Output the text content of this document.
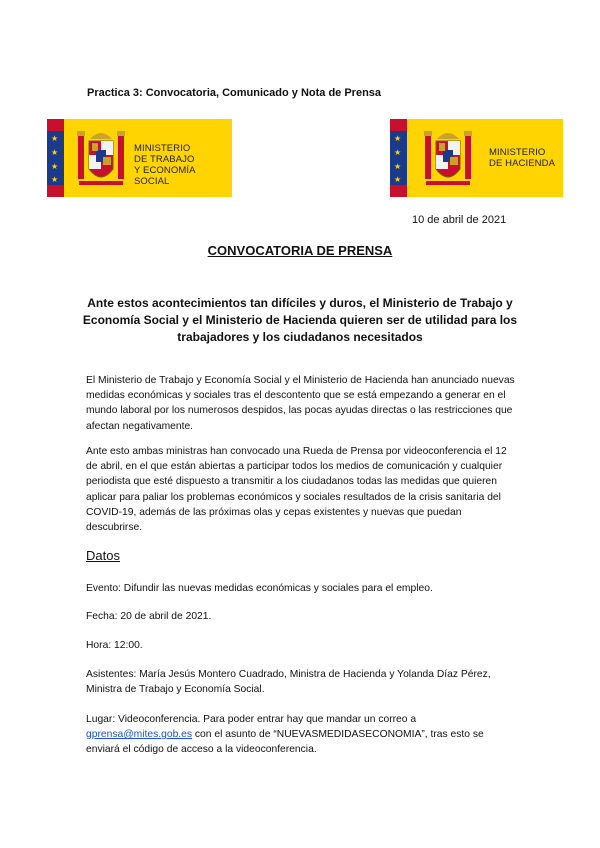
Practica 3: Convocatoria, Comunicado y Nota de Prensa
★
★
★
★
MINISTERIO
DE TRABAJO
Y ECONOMÍA SOCIAL
★
★
★
★
MINISTERIO
DE HACIENDA
10 de abril de 2021
CONVOCATORIA DE PRENSA
Ante estos acontecimientos tan difíciles y duros, el Ministerio de Trabajo y Economía Social y el Ministerio de Hacienda quieren ser de utilidad para los trabajadores y los ciudadanos necesitados
El Ministerio de Trabajo y Economía Social y el Ministerio de Hacienda han anunciado nuevas medidas económicas y sociales tras el descontento que se está empezando a generar en el mundo laboral por los numerosos despidos, las pocas ayudas directas o las restricciones que afectan negativamente.
Ante esto ambas ministras han convocado una Rueda de Prensa por videoconferencia el 12 de abril, en el que están abiertas a participar todos los medios de comunicación y cualquier periodista que esté dispuesto a transmitir a los ciudadanos todas las medidas que quieren aplicar para paliar los problemas económicos y sociales resultados de la crisis sanitaria del COVID-19, además de las próximas olas y cepas existentes y nuevas que puedan descubrirse.
Datos
Evento: Difundir las nuevas medidas económicas y sociales para el empleo.
Fecha: 20 de abril de 2021.
Hora: 12:00.
Asistentes: María Jesús Montero Cuadrado, Ministra de Hacienda y Yolanda Díaz Pérez, Ministra de Trabajo y Economía Social.
Lugar: Videoconferencia. Para poder entrar hay que mandar un correo a
gprensa@mites.gob.es con el asunto de “NUEVASMEDIDASECONOMIA”, tras esto se enviará el código de acceso a la videoconferencia.
